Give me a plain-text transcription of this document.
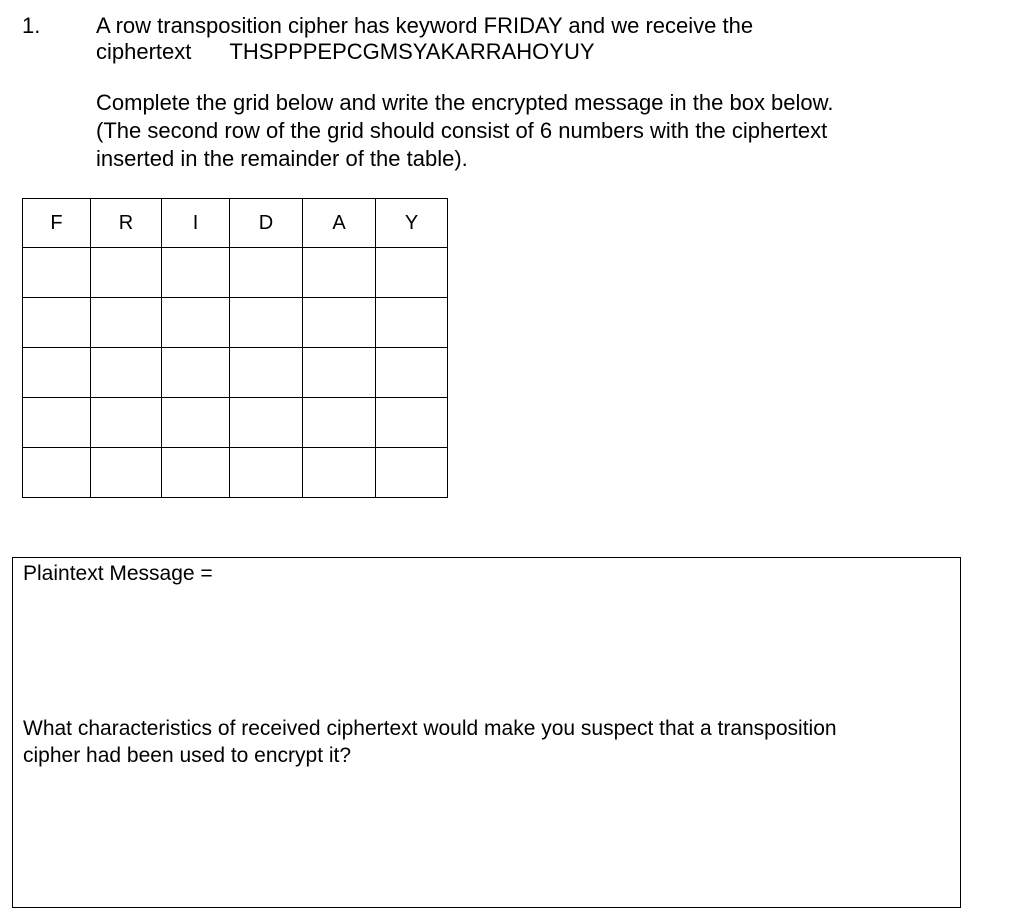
1.	A row transposition cipher has keyword FRIDAY and we receive the
ciphertext THSPPPEPCGMSYAKARRAHOYUY
Complete the grid below and write the encrypted message in the box below.
(The second row of the grid should consist of 6 numbers with the ciphertext
inserted in the remainder of the table).
F	R	I	D	A	Y

Plaintext Message =
What characteristics of received ciphertext would make you suspect that a transposition
cipher had been used to encrypt it?
